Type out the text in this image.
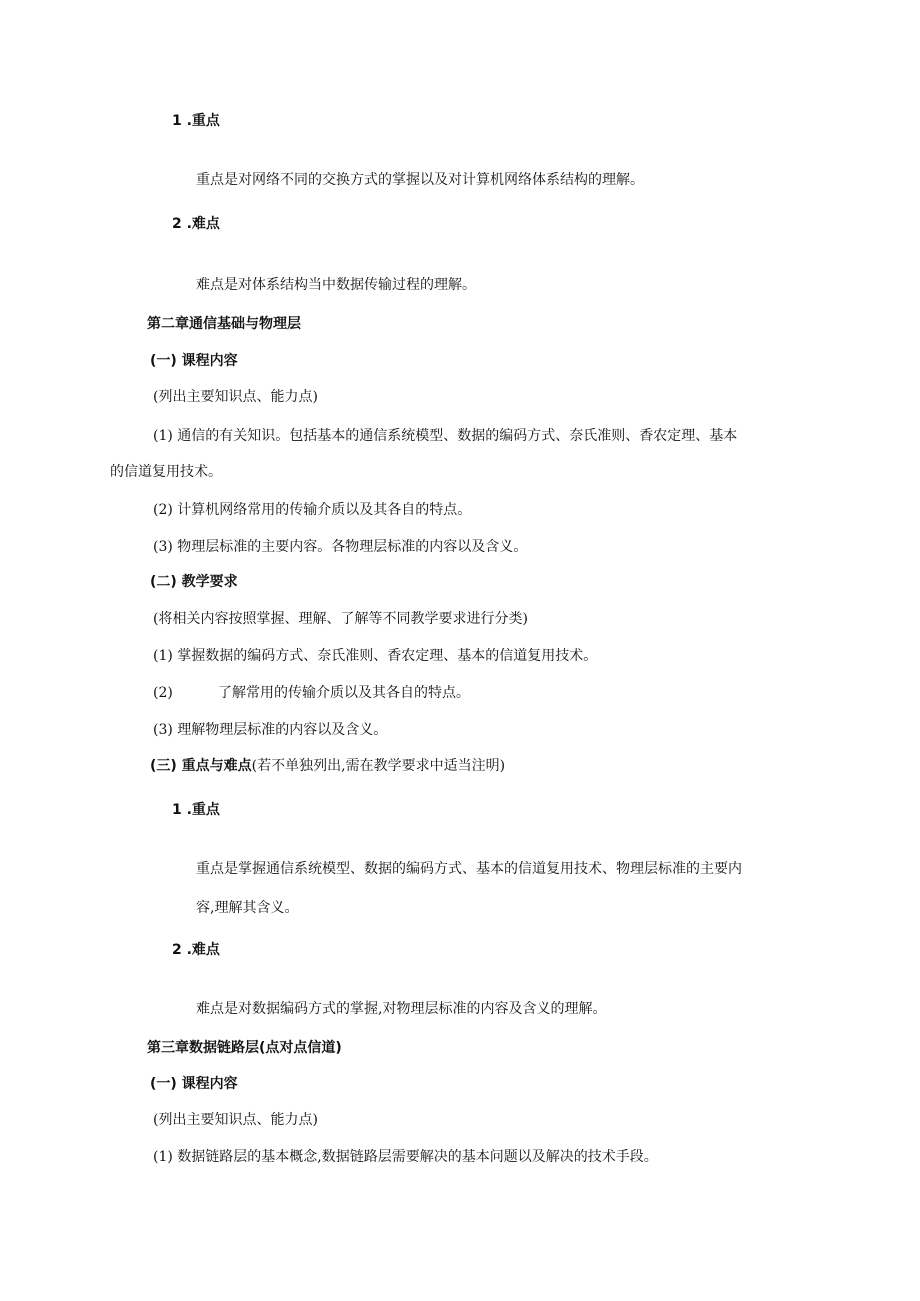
1 .重点
重点是对网络不同的交换方式的掌握以及对计算机网络体系结构的理解。
2 .难点
难点是对体系结构当中数据传输过程的理解。
第二章通信基础与物理层
(一) 课程内容
(列出主要知识点、能力点)
(1) 通信的有关知识。包括基本的通信系统模型、数据的编码方式、奈氏准则、香农定理、基本
的信道复用技术。
(2) 计算机网络常用的传输介质以及其各自的特点。
(3) 物理层标准的主要内容。各物理层标准的内容以及含义。
(二) 教学要求
(将相关内容按照掌握、理解、了解等不同教学要求进行分类)
(1) 掌握数据的编码方式、奈氏准则、香农定理、基本的信道复用技术。
(2)	了解常用的传输介质以及其各自的特点。
(3) 理解物理层标准的内容以及含义。
(三) 重点与难点(若不单独列出,需在教学要求中适当注明)
1 .重点
重点是掌握通信系统模型、数据的编码方式、基本的信道复用技术、物理层标准的主要内
容,理解其含义。
2 .难点
难点是对数据编码方式的掌握,对物理层标准的内容及含义的理解。
第三章数据链路层(点对点信道)
(一) 课程内容
(列出主要知识点、能力点)
(1) 数据链路层的基本概念,数据链路层需要解决的基本问题以及解决的技术手段。
